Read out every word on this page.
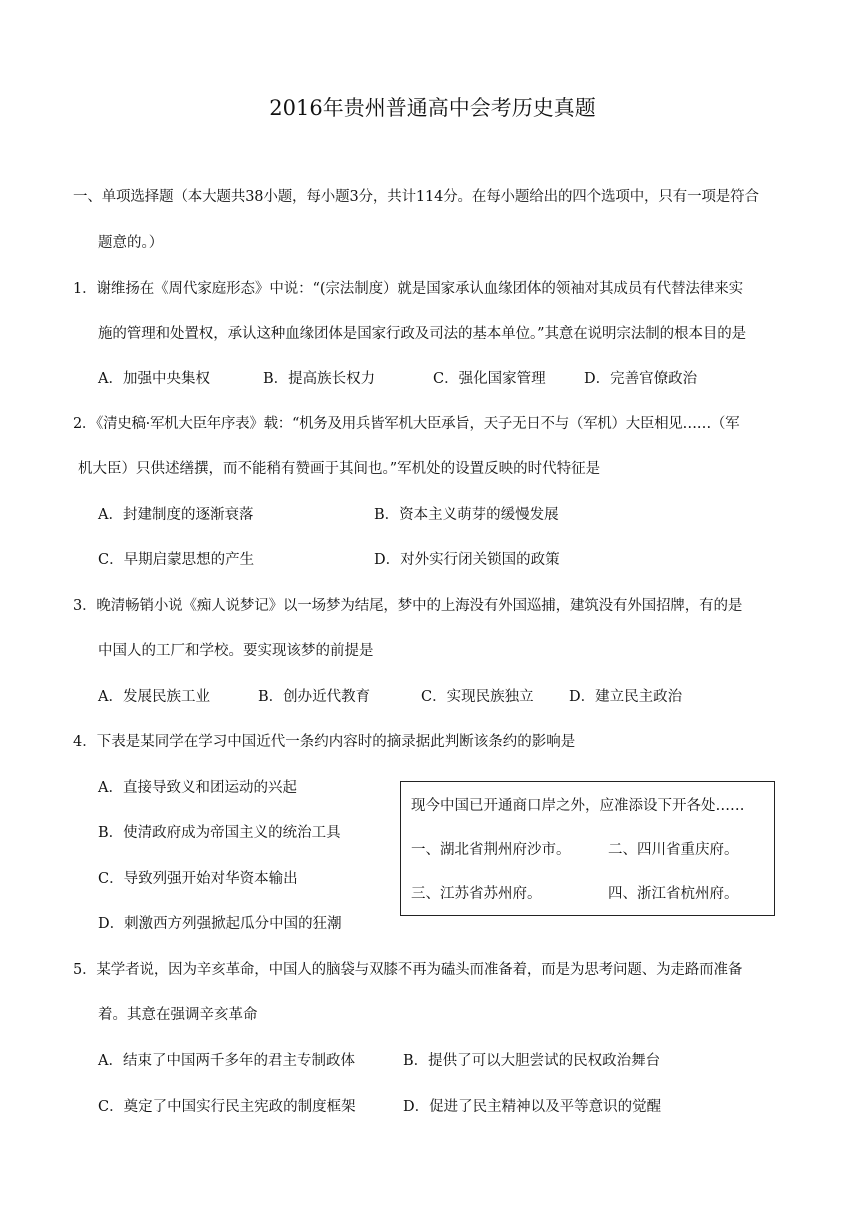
2016年贵州普通高中会考历史真题
一、单项选择题（本大题共38小题，每小题3分，共计114分。在每小题给出的四个选项中，只有一项是符合
题意的。）
1．谢维扬在《周代家庭形态》中说：“(宗法制度）就是国家承认血缘团体的领袖对其成员有代替法律来实
施的管理和处置权，承认这种血缘团体是国家行政及司法的基本单位。”其意在说明宗法制的根本目的是
A．加强中央集权	B．提高族长权力	C．强化国家管理	D．完善官僚政治
2．《清史稿·军机大臣年序表》载：“机务及用兵皆军机大臣承旨，天子无日不与（军机）大臣相见……（军
机大臣）只供述缮撰，而不能稍有赞画于其间也。”军机处的设置反映的时代特征是
A．封建制度的逐渐衰落	B．资本主义萌芽的缓慢发展
C．早期启蒙思想的产生	D．对外实行闭关锁国的政策
3．晚清畅销小说《痴人说梦记》以一场梦为结尾，梦中的上海没有外国巡捕，建筑没有外国招牌，有的是
中国人的工厂和学校。要实现该梦的前提是
A．发展民族工业	B．创办近代教育	C．实现民族独立 D．建立民主政治
4．下表是某同学在学习中国近代一条约内容时的摘录据此判断该条约的影响是
A．直接导致义和团运动的兴起
B．使清政府成为帝国主义的统治工具
C．导致列强开始对华资本输出
D．刺激西方列强掀起瓜分中国的狂潮
现今中国已开通商口岸之外，应准添设下开各处……
一、湖北省荆州府沙市。	二、四川省重庆府。
三、江苏省苏州府。	四、浙江省杭州府。
5．某学者说，因为辛亥革命，中国人的脑袋与双膝不再为磕头而准备着，而是为思考问题、为走路而准备
着。其意在强调辛亥革命
A．结束了中国两千多年的君主专制政体	B．提供了可以大胆尝试的民权政治舞台
C．奠定了中国实行民主宪政的制度框架	D．促进了民主精神以及平等意识的觉醒
